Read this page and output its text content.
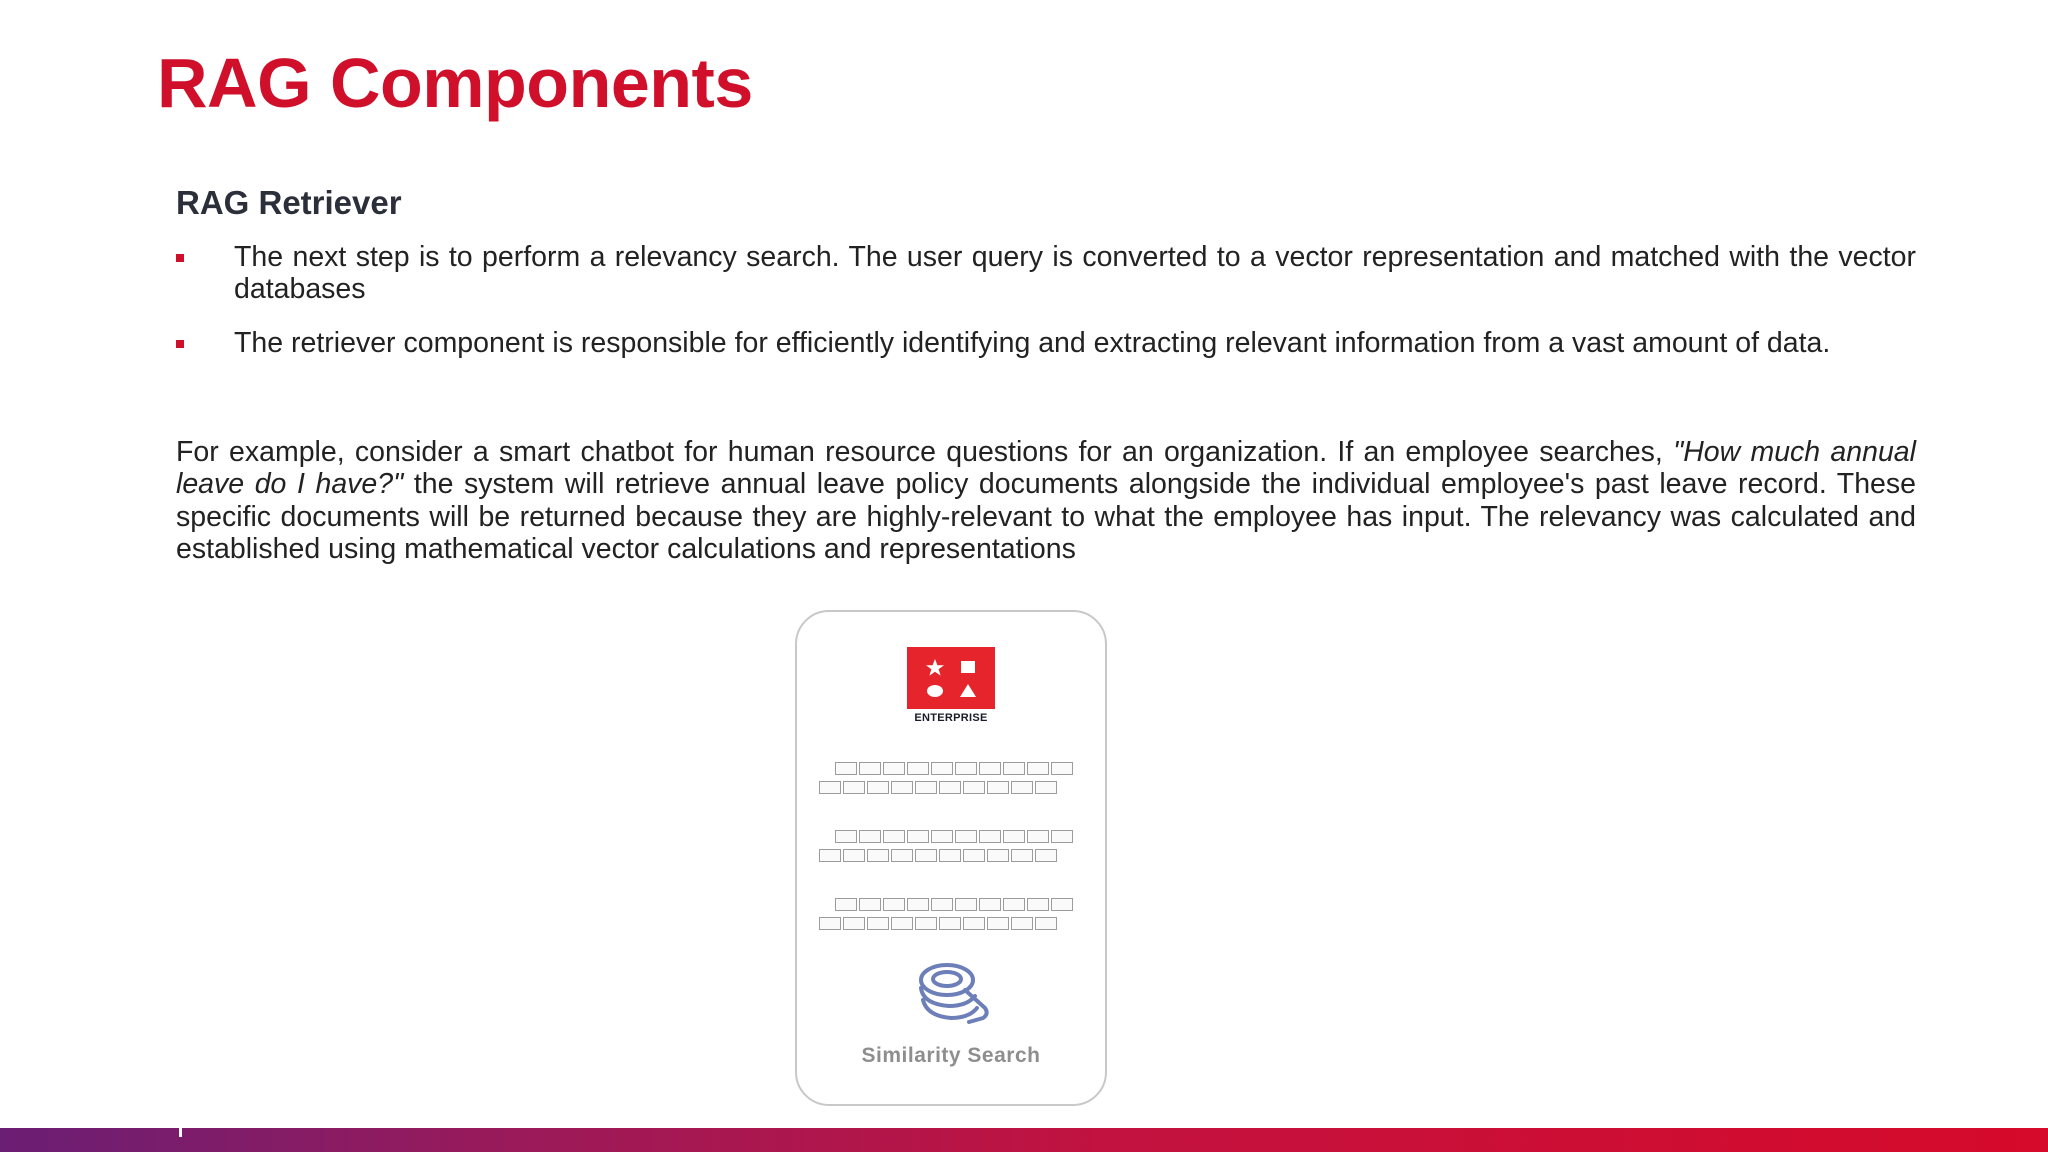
RAG Components
RAG Retriever
The next step is to perform a relevancy search. The user query is converted to a vector representation and matched with the vector databases
The retriever component is responsible for efficiently identifying and extracting relevant information from a vast amount of data.

For example, consider a smart chatbot for human resource questions for an organization. If an employee searches, "How much annual leave do I have?" the system will retrieve annual leave policy documents alongside the individual employee's past leave record. These specific documents will be returned because they are highly-relevant to what the employee has input. The relevancy was calculated and established using mathematical vector calculations and representations

ENTERPRISE
Similarity Search
